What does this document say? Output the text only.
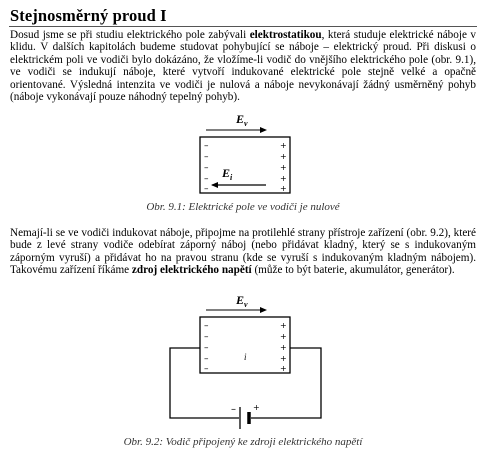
Stejnosměrný proud I

Dosud jsme se při studiu elektrického pole zabývali elektrostatikou, která studuje elektrické náboje v klidu. V dalších kapitolách budeme studovat pohybující se náboje – elektrický proud. Při diskusi o elektrickém poli ve vodiči bylo dokázáno, že vložíme-li vodič do vnějšího elektrického pole (obr. 9.1), ve vodiči se indukují náboje, které vytvoří indukované elektrické pole stejně velké a opačně orientované. Výsledná intenzita ve vodiči je nulová a náboje nevykonávají žádný usměrněný pohyb (náboje vykonávají pouze náhodný tepelný pohyb).

$E_v$
–
–
–
–
–
+
+
+
+
+
$E_i$
$E_v$
–
–
–
–
–
+
+
+
+
+
i
– +
Obr. 9.1: Elektrické pole ve vodiči je nulové

Nemají-li se ve vodiči indukovat náboje, připojme na protilehlé strany přístroje zařízení (obr. 9.2), které bude z levé strany vodiče odebírat záporný náboj (nebo přidávat kladný, který se s indukovaným záporným vyruší) a přidávat ho na pravou stranu (kde se vyruší s indukovaným kladným nábojem). Takovému zařízení říkáme zdroj elektrického napětí (může to být baterie, akumulátor, generátor).

Obr. 9.2: Vodič připojený ke zdroji elektrického napětí
